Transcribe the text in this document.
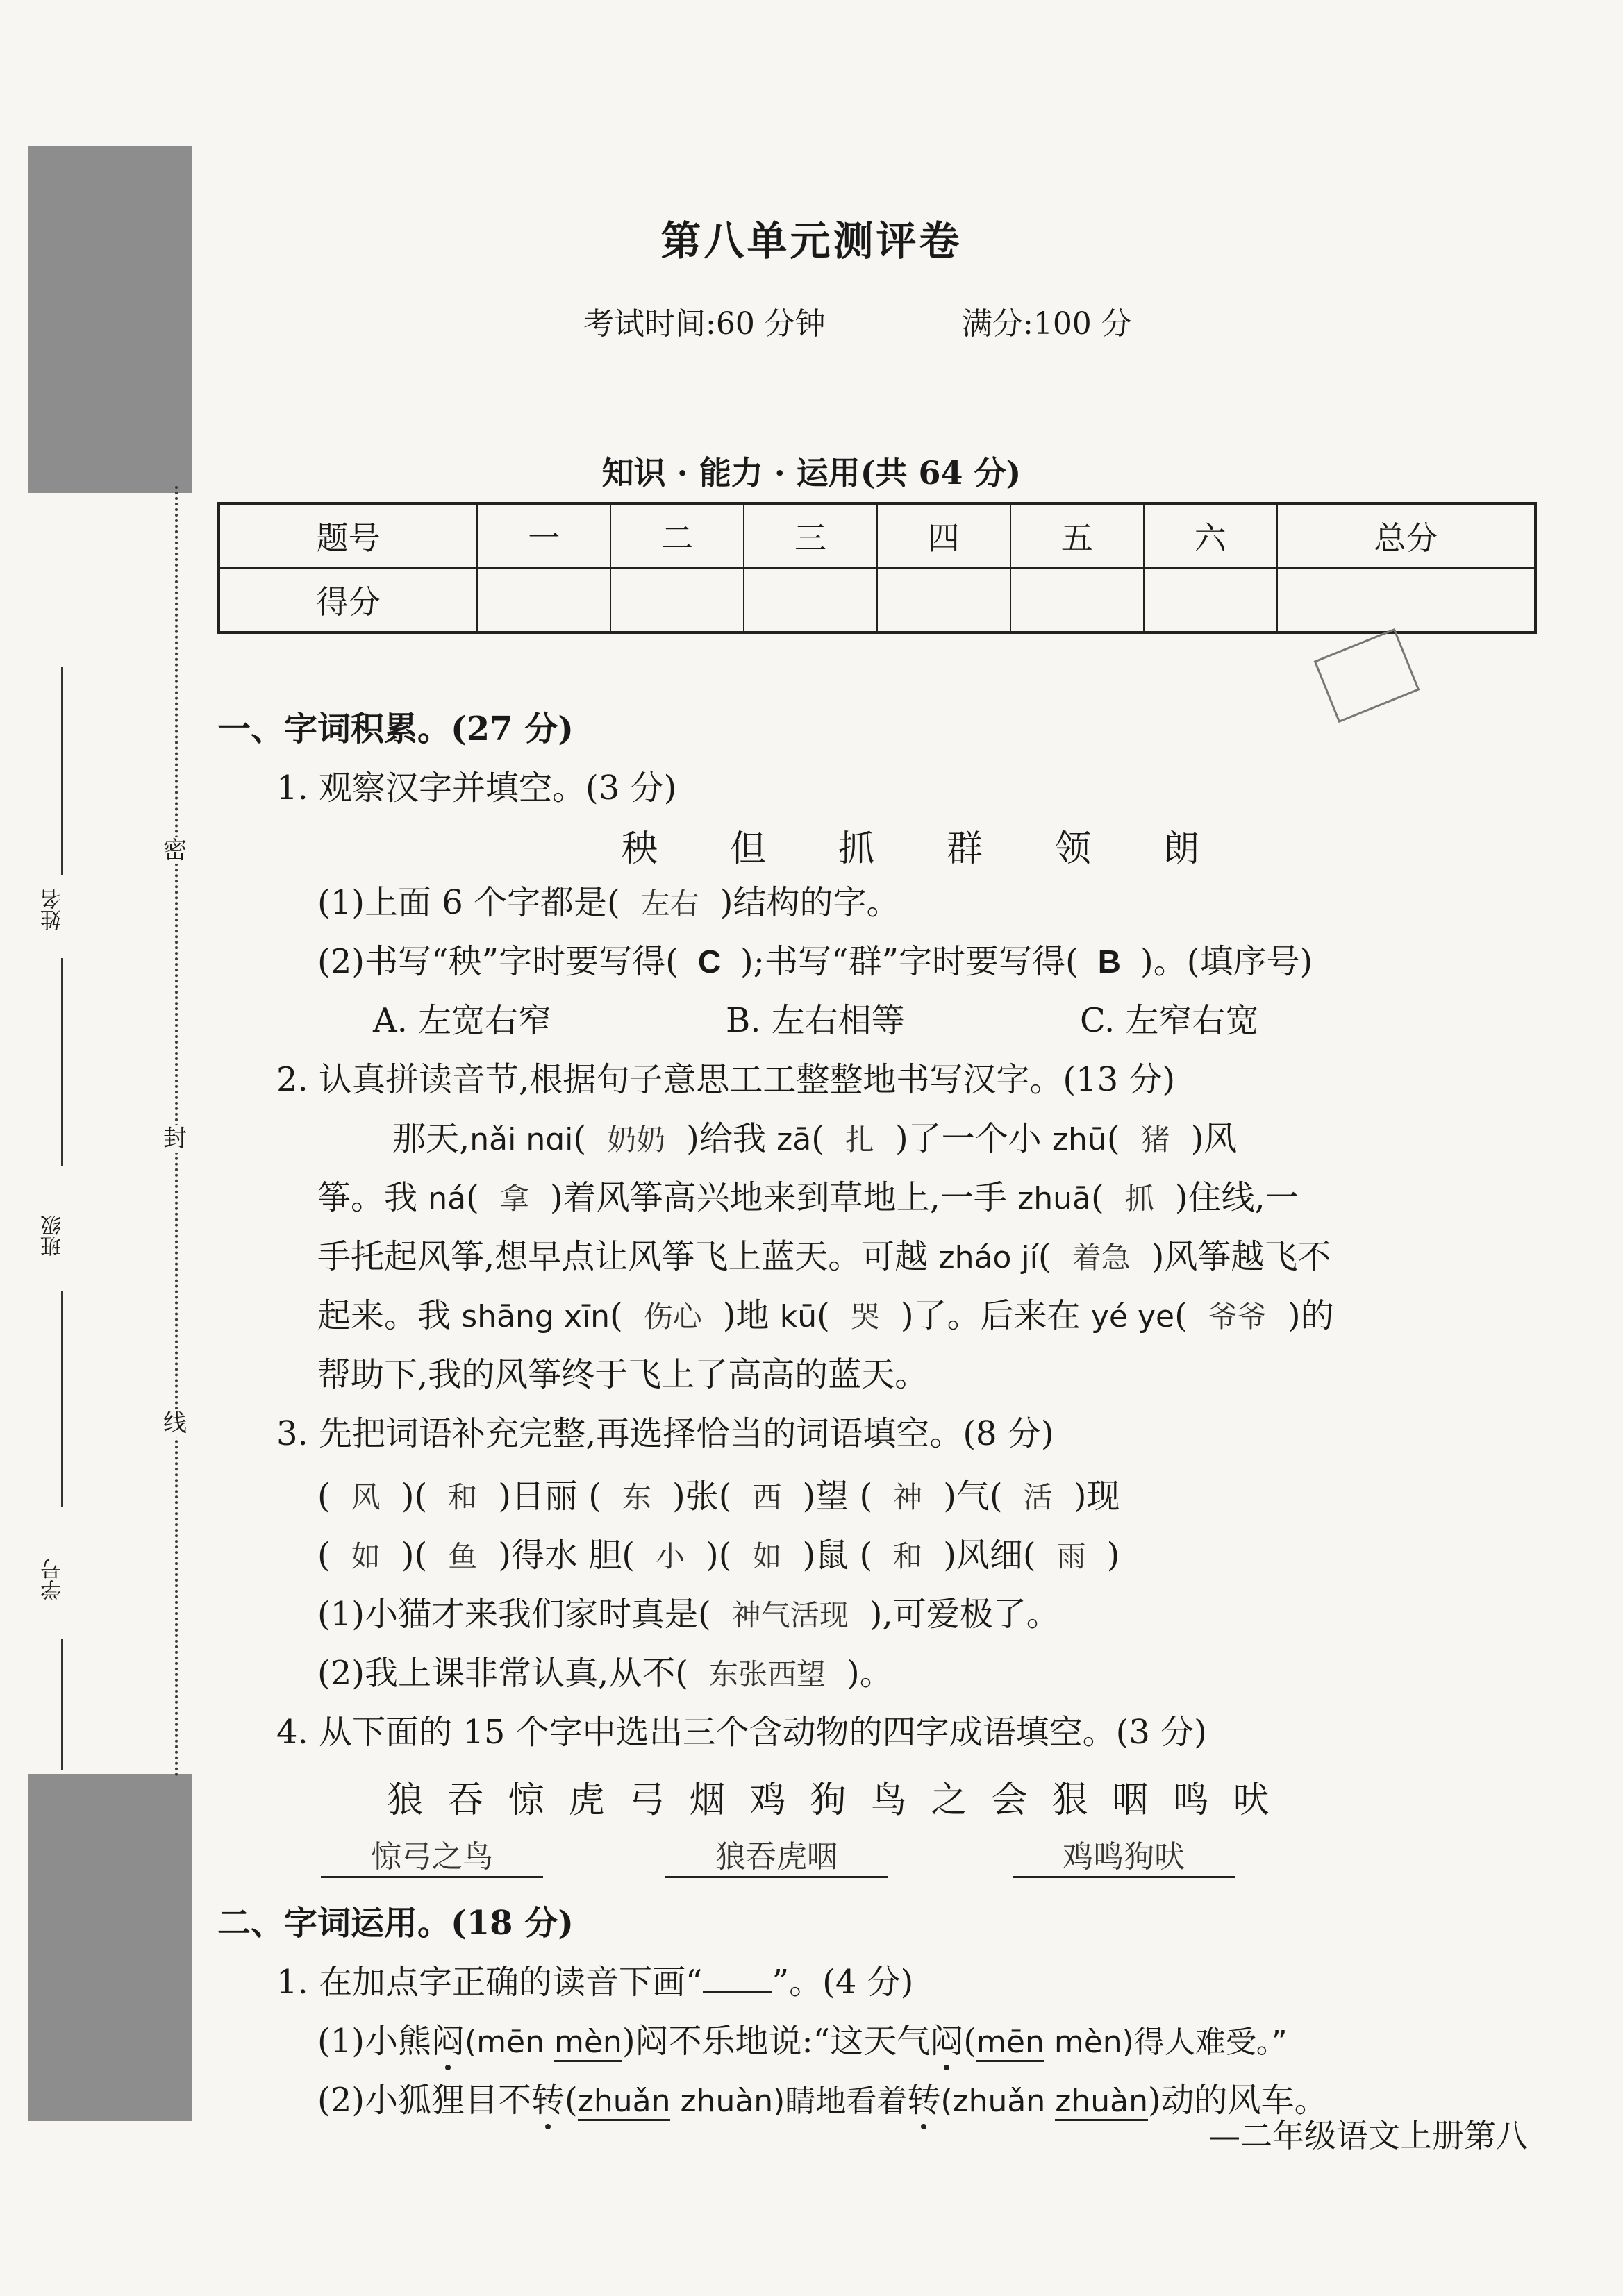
密
封
线
姓名
班级
学号
第八单元测评卷
考试时间:60 分钟	满分:100 分
知识 · 能力 · 运用(共 64 分)
题号	一	二	三	四	五	六	总分
得分							
一、字词积累。(27 分)
1. 观察汉字并填空。(3 分)
秧　　但　　抓　　群　　领　　朗
(1)上面 6 个字都是( 左右 )结构的字。
(2)书写“秧”字时要写得( C );书写“群”字时要写得( B )。(填序号)
A. 左宽右窄	B. 左右相等	C. 左窄右宽
2. 认真拼读音节,根据句子意思工工整整地书写汉字。(13 分)
那天,nǎi nɑi( 奶奶 )给我 zā( 扎 )了一个小 zhū( 猪 )风
筝。我 ná( 拿 )着风筝高兴地来到草地上,一手 zhuā( 抓 )住线,一
手托起风筝,想早点让风筝飞上蓝天。可越 zháo jí( 着急 )风筝越飞不
起来。我 shāng xīn( 伤心 )地 kū( 哭 )了。后来在 yé ye( 爷爷 )的
帮助下,我的风筝终于飞上了高高的蓝天。
3. 先把词语补充完整,再选择恰当的词语填空。(8 分)
( 风 )( 和 )日丽 ( 东 )张( 西 )望 ( 神 )气( 活 )现
( 如 )( 鱼 )得水 胆( 小 )( 如 )鼠 ( 和 )风细( 雨 )
(1)小猫才来我们家时真是( 神气活现 ),可爱极了。
(2)我上课非常认真,从不( 东张西望 )。
4. 从下面的 15 个字中选出三个含动物的四字成语填空。(3 分)
狼 吞 惊 虎 弓 烟 鸡 狗 鸟 之 会 狠 咽 鸣 吠
惊弓之鸟	狼吞虎咽	鸡鸣狗吠
二、字词运用。(18 分)
1. 在加点字正确的读音下画“ ”。(4 分)
(1)小熊闷(mēn mèn)闷不乐地说:“这天气闷(mēn mèn)得人难受。”
(2)小狐狸目不转(zhuǎn zhuàn)睛地看着转(zhuǎn zhuàn)动的风车。
—二年级语文上册第八
